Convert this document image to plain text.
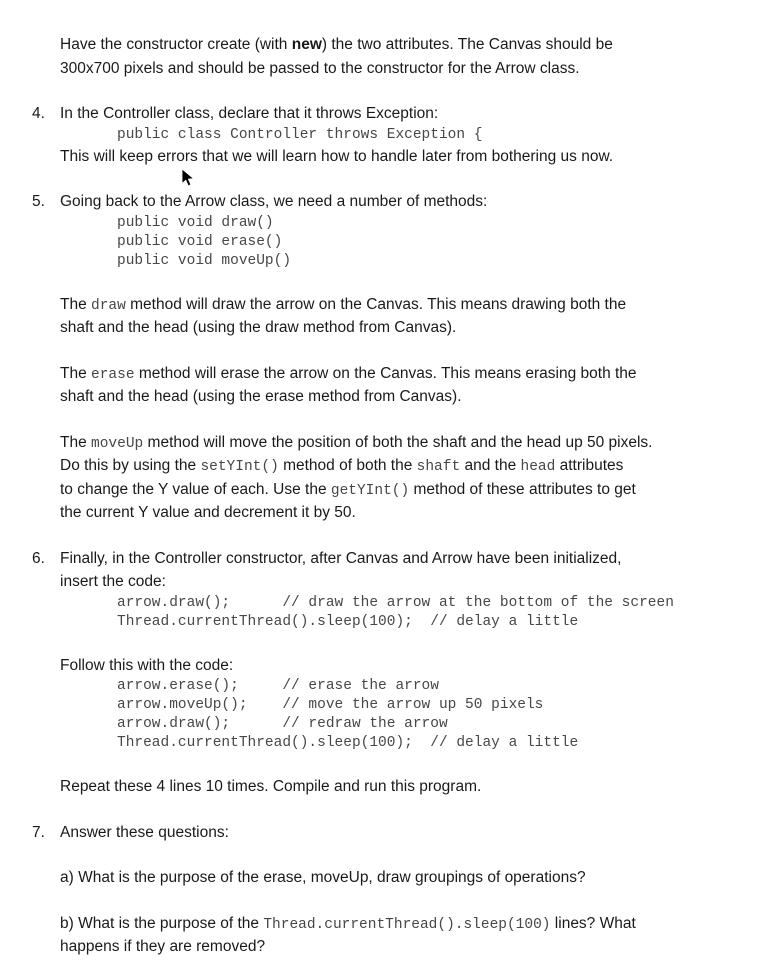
Have the constructor create (with new) the two attributes. The Canvas should be
300x700 pixels and should be passed to the constructor for the Arrow class.
4. In the Controller class, declare that it throws Exception:
public class Controller throws Exception {
This will keep errors that we will learn how to handle later from bothering us now.
5. Going back to the Arrow class, we need a number of methods:
public void draw()
public void erase()
public void moveUp()
The draw method will draw the arrow on the Canvas. This means drawing both the
shaft and the head (using the draw method from Canvas).
The erase method will erase the arrow on the Canvas. This means erasing both the
shaft and the head (using the erase method from Canvas).
The moveUp method will move the position of both the shaft and the head up 50 pixels.
Do this by using the setYInt() method of both the shaft and the head attributes
to change the Y value of each. Use the getYInt() method of these attributes to get
the current Y value and decrement it by 50.
6. Finally, in the Controller constructor, after Canvas and Arrow have been initialized,
insert the code:
arrow.draw();      // draw the arrow at the bottom of the screen
Thread.currentThread().sleep(100);  // delay a little
Follow this with the code:
arrow.erase();     // erase the arrow
arrow.moveUp();    // move the arrow up 50 pixels
arrow.draw();      // redraw the arrow
Thread.currentThread().sleep(100);  // delay a little
Repeat these 4 lines 10 times. Compile and run this program.
7. Answer these questions:
a) What is the purpose of the erase, moveUp, draw groupings of operations?
b) What is the purpose of the Thread.currentThread().sleep(100) lines? What
happens if they are removed?
